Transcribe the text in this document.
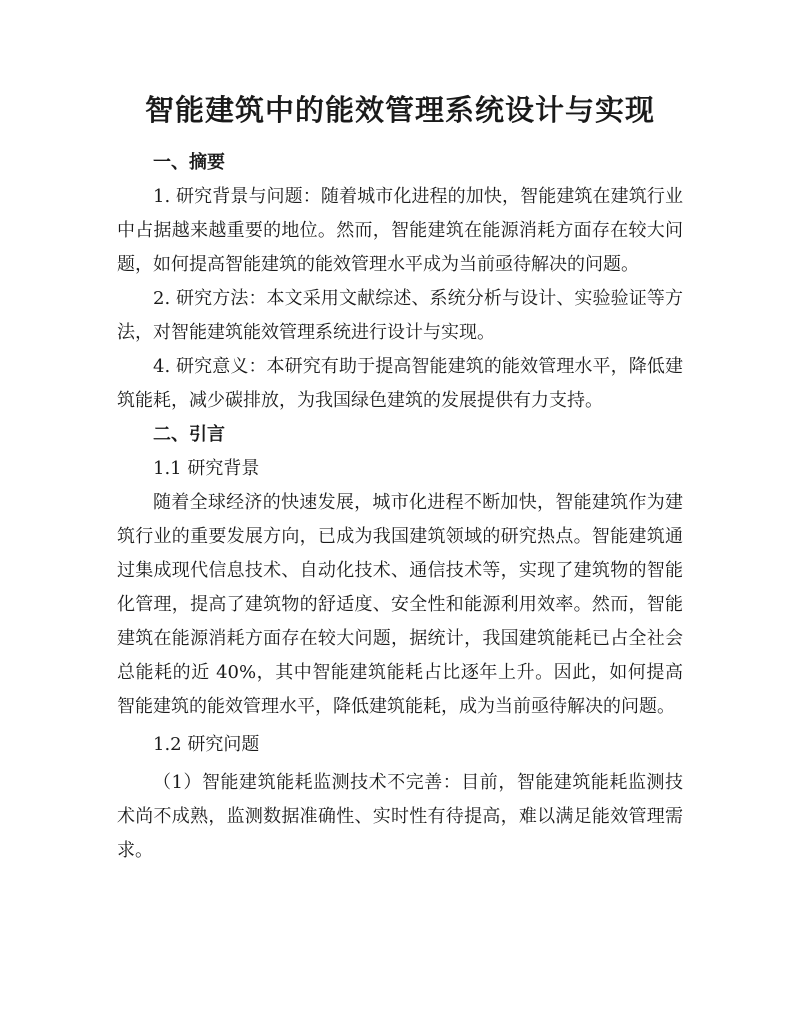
智能建筑中的能效管理系统设计与实现
一、摘要

1. 研究背景与问题：随着城市化进程的加快，智能建筑在建筑行业中占据越来越重要的地位。然而，智能建筑在能源消耗方面存在较大问题，如何提高智能建筑的能效管理水平成为当前亟待解决的问题。

2. 研究方法：本文采用文献综述、系统分析与设计、实验验证等方法，对智能建筑能效管理系统进行设计与实现。

4. 研究意义：本研究有助于提高智能建筑的能效管理水平，降低建筑能耗，减少碳排放，为我国绿色建筑的发展提供有力支持。

二、引言
1.1 研究背景

随着全球经济的快速发展，城市化进程不断加快，智能建筑作为建筑行业的重要发展方向，已成为我国建筑领域的研究热点。智能建筑通过集成现代信息技术、自动化技术、通信技术等，实现了建筑物的智能化管理，提高了建筑物的舒适度、安全性和能源利用效率。然而，智能建筑在能源消耗方面存在较大问题，据统计，我国建筑能耗已占全社会总能耗的近 40%，其中智能建筑能耗占比逐年上升。因此，如何提高智能建筑的能效管理水平，降低建筑能耗，成为当前亟待解决的问题。

1.2 研究问题

（1）智能建筑能耗监测技术不完善：目前，智能建筑能耗监测技术尚不成熟，监测数据准确性、实时性有待提高，难以满足能效管理需求。
